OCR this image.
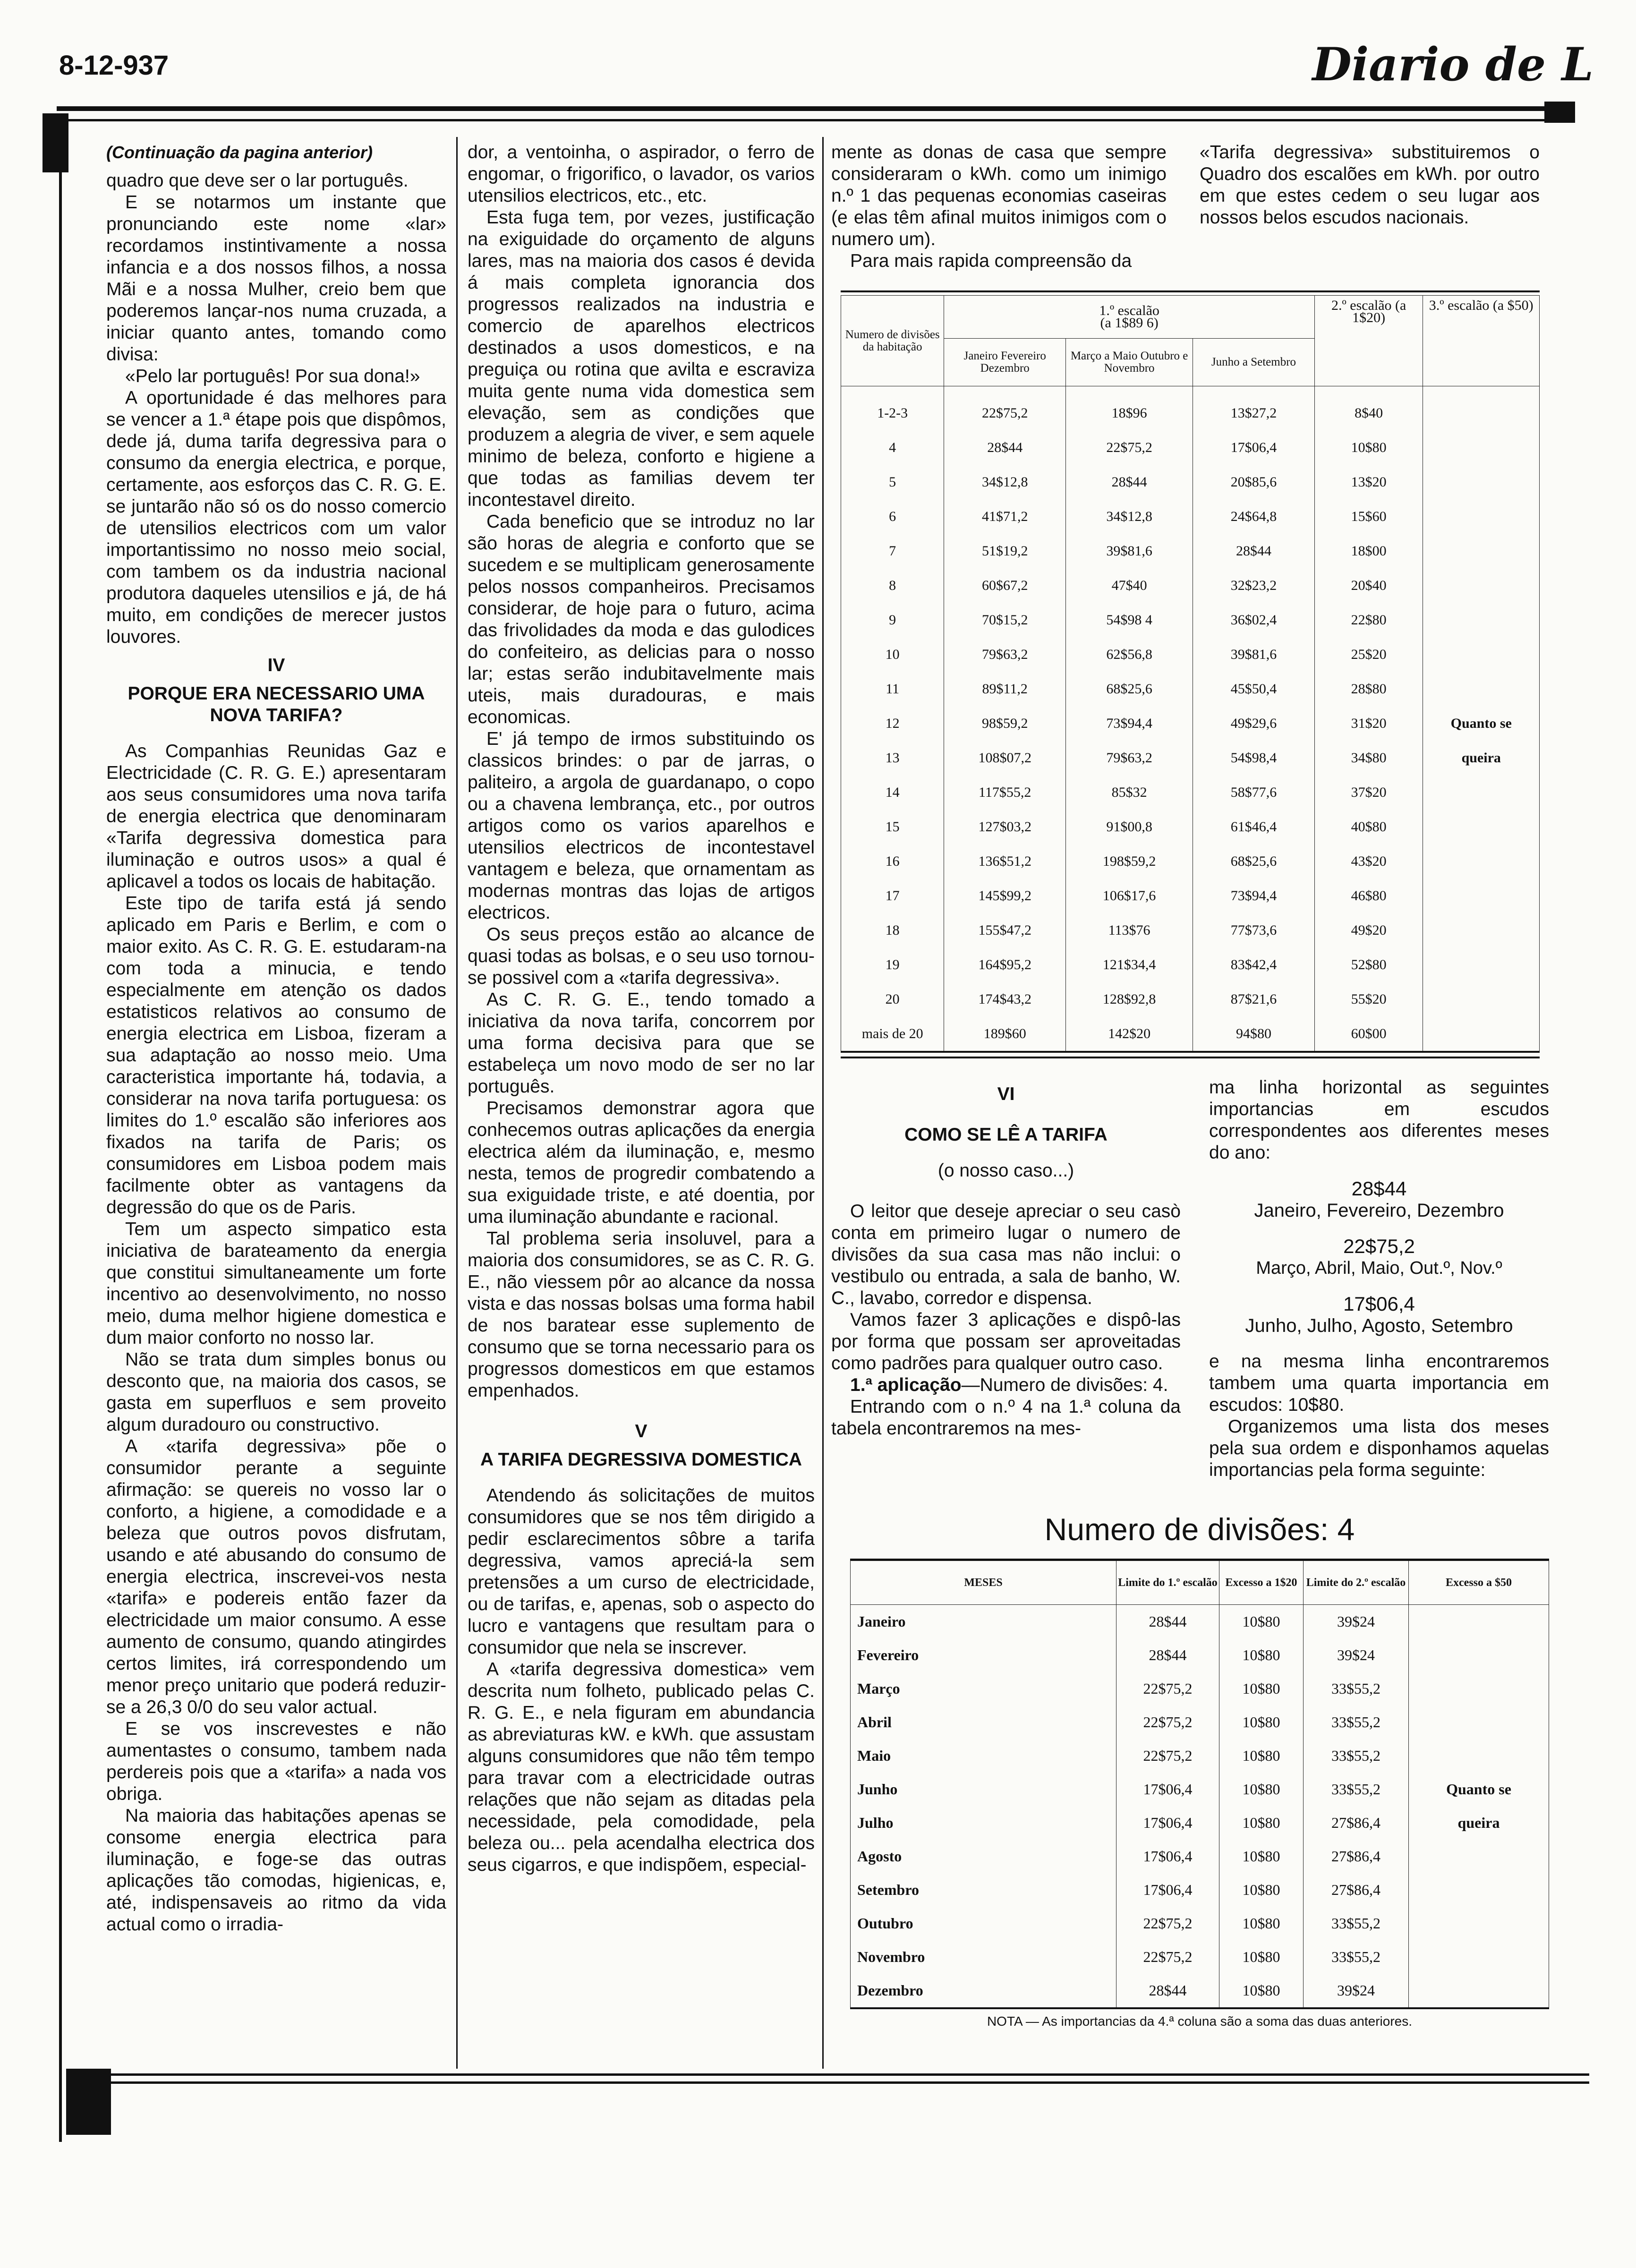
8-12-937	Diario de L

(Continuação da pagina anterior)

quadro que deve ser o lar português.

E se notarmos um instante que pronunciando este nome «lar» recordamos instintivamente a nossa infancia e a dos nossos filhos, a nossa Mãi e a nossa Mulher, creio bem que poderemos lançar-nos numa cruzada, a iniciar quanto antes, tomando como divisa:

«Pelo lar português! Por sua dona!»

A oportunidade é das melhores para se vencer a 1.ª étape pois que dispômos, dede já, duma tarifa degressiva para o consumo da energia electrica, e porque, certamente, aos esforços das C. R. G. E. se juntarão não só os do nosso comercio de utensilios electricos com um valor importantissimo no nosso meio social, com tambem os da industria nacional produtora daqueles utensilios e já, de há muito, em condições de merecer justos louvores.

IV

PORQUE ERA NECESSARIO UMA NOVA TARIFA?

As Companhias Reunidas Gaz e Electricidade (C. R. G. E.) apresentaram aos seus consumidores uma nova tarifa de energia electrica que denominaram «Tarifa degressiva domestica para iluminação e outros usos» a qual é aplicavel a todos os locais de habitação.

Este tipo de tarifa está já sendo aplicado em Paris e Berlim, e com o maior exito. As C. R. G. E. estudaram-na com toda a minucia, e tendo especialmente em atenção os dados estatisticos relativos ao consumo de energia electrica em Lisboa, fizeram a sua adaptação ao nosso meio. Uma caracteristica importante há, todavia, a considerar na nova tarifa portuguesa: os limites do 1.º escalão são inferiores aos fixados na tarifa de Paris; os consumidores em Lisboa podem mais facilmente obter as vantagens da degressão do que os de Paris.

Tem um aspecto simpatico esta iniciativa de barateamento da energia que constitui simultaneamente um forte incentivo ao desenvolvimento, no nosso meio, duma melhor higiene domestica e dum maior conforto no nosso lar.

Não se trata dum simples bonus ou desconto que, na maioria dos casos, se gasta em superfluos e sem proveito algum duradouro ou constructivo.

A «tarifa degressiva» põe o consumidor perante a seguinte afirmação: se quereis no vosso lar o conforto, a higiene, a comodidade e a beleza que outros povos disfrutam, usando e até abusando do consumo de energia electrica, inscrevei-vos nesta «tarifa» e podereis então fazer da electricidade um maior consumo. A esse aumento de consumo, quando atingirdes certos limites, irá correspondendo um menor preço unitario que poderá reduzir-se a 26,3 0/0 do seu valor actual.

E se vos inscrevestes e não aumentastes o consumo, tambem nada perdereis pois que a «tarifa» a nada vos obriga.

Na maioria das habitações apenas se consome energia electrica para iluminação, e foge-se das outras aplicações tão comodas, higienicas, e, até, indispensaveis ao ritmo da vida actual como o irradia-

dor, a ventoinha, o aspirador, o ferro de engomar, o frigorifico, o lavador, os varios utensilios electricos, etc., etc.

Esta fuga tem, por vezes, justificação na exiguidade do orçamento de alguns lares, mas na maioria dos casos é devida á mais completa ignorancia dos progressos realizados na industria e comercio de aparelhos electricos destinados a usos domesticos, e na preguiça ou rotina que avilta e escraviza muita gente numa vida domestica sem elevação, sem as condições que produzem a alegria de viver, e sem aquele minimo de beleza, conforto e higiene a que todas as familias devem ter incontestavel direito.

Cada beneficio que se introduz no lar são horas de alegria e conforto que se sucedem e se multiplicam generosamente pelos nossos companheiros. Precisamos considerar, de hoje para o futuro, acima das frivolidades da moda e das gulodices do confeiteiro, as delicias para o nosso lar; estas serão indubitavelmente mais uteis, mais duradouras, e mais economicas.

E' já tempo de irmos substituindo os classicos brindes: o par de jarras, o paliteiro, a argola de guardanapo, o copo ou a chavena lembrança, etc., por outros artigos como os varios aparelhos e utensilios electricos de incontestavel vantagem e beleza, que ornamentam as modernas montras das lojas de artigos electricos.

Os seus preços estão ao alcance de quasi todas as bolsas, e o seu uso tornou-se possivel com a «tarifa degressiva».

As C. R. G. E., tendo tomado a iniciativa da nova tarifa, concorrem por uma forma decisiva para que se estabeleça um novo modo de ser no lar português.

Precisamos demonstrar agora que conhecemos outras aplicações da energia electrica além da iluminação, e, mesmo nesta, temos de progredir combatendo a sua exiguidade triste, e até doentia, por uma iluminação abundante e racional.

Tal problema seria insoluvel, para a maioria dos consumidores, se as C. R. G. E., não viessem pôr ao alcance da nossa vista e das nossas bolsas uma forma habil de nos baratear esse suplemento de consumo que se torna necessario para os progressos domesticos em que estamos empenhados.

V

A TARIFA DEGRESSIVA DOMESTICA

Atendendo ás solicitações de muitos consumidores que se nos têm dirigido a pedir esclarecimentos sôbre a tarifa degressiva, vamos apreciá-la sem pretensões a um curso de electricidade, ou de tarifas, e, apenas, sob o aspecto do lucro e vantagens que resultam para o consumidor que nela se inscrever.

A «tarifa degressiva domestica» vem descrita num folheto, publicado pelas C. R. G. E., e nela figuram em abundancia as abreviaturas kW. e kWh. que assustam alguns consumidores que não têm tempo para travar com a electricidade outras relações que não sejam as ditadas pela necessidade, pela comodidade, pela beleza ou... pela acendalha electrica dos seus cigarros, e que indispõem, especial-

mente as donas de casa que sempre consideraram o kWh. como um inimigo n.º 1 das pequenas economias caseiras (e elas têm afinal muitos inimigos com o numero um).

Para mais rapida compreensão da

«Tarifa degressiva» substituiremos o Quadro dos escalões em kWh. por outro em que estes cedem o seu lugar aos nossos belos escudos nacionais.

Numero de divisões da habitação	1.º escalão
(a 1$89 6)			2.º escalão (a 1$20)	3.º escalão (a $50)
	Janeiro Fevereiro Dezembro	Março a Maio Outubro e Novembro	Junho a Setembro		
1-2-3	22$75,2	18$96	13$27,2	8$40	
4	28$44	22$75,2	17$06,4	10$80	
5	34$12,8	28$44	20$85,6	13$20	
6	41$71,2	34$12,8	24$64,8	15$60	
7	51$19,2	39$81,6	28$44	18$00	
8	60$67,2	47$40	32$23,2	20$40	
9	70$15,2	54$98 4	36$02,4	22$80	
10	79$63,2	62$56,8	39$81,6	25$20	
11	89$11,2	68$25,6	45$50,4	28$80	
12	98$59,2	73$94,4	49$29,6	31$20	Quanto se
13	108$07,2	79$63,2	54$98,4	34$80	queira
14	117$55,2	85$32	58$77,6	37$20	
15	127$03,2	91$00,8	61$46,4	40$80	
16	136$51,2	198$59,2	68$25,6	43$20	
17	145$99,2	106$17,6	73$94,4	46$80	
18	155$47,2	113$76	77$73,6	49$20	
19	164$95,2	121$34,4	83$42,4	52$80	
20	174$43,2	128$92,8	87$21,6	55$20	
mais de 20	189$60	142$20	94$80	60$00	

VI

COMO SE LÊ A TARIFA

(o nosso caso...)

O leitor que deseje apreciar o seu casò conta em primeiro lugar o numero de divisões da sua casa mas não inclui: o vestibulo ou entrada, a sala de banho, W. C., lavabo, corredor e dispensa.

Vamos fazer 3 aplicações e dispô-las por forma que possam ser aproveitadas como padrões para qualquer outro caso.

1.ª aplicação—Numero de divisões: 4.

Entrando com o n.º 4 na 1.ª coluna da tabela encontraremos na mes-

ma linha horizontal as seguintes importancias em escudos correspondentes aos diferentes meses do ano:

28$44

Janeiro, Fevereiro, Dezembro

22$75,2

Março, Abril, Maio, Out.º, Nov.º

17$06,4

Junho, Julho, Agosto, Setembro

e na mesma linha encontraremos tambem uma quarta importancia em escudos: 10$80.

Organizemos uma lista dos meses pela sua ordem e disponhamos aquelas importancias pela forma seguinte:

Numero de divisões: 4
MESES	Limite do 1.º escalão	Excesso a 1$20	Limite do 2.º escalão	Excesso a $50
Janeiro	28$44	10$80	39$24	
Fevereiro	28$44	10$80	39$24	
Março	22$75,2	10$80	33$55,2	
Abril	22$75,2	10$80	33$55,2	
Maio	22$75,2	10$80	33$55,2	
Junho	17$06,4	10$80	33$55,2	Quanto se
Julho	17$06,4	10$80	27$86,4	queira
Agosto	17$06,4	10$80	27$86,4	
Setembro	17$06,4	10$80	27$86,4	
Outubro	22$75,2	10$80	33$55,2	
Novembro	22$75,2	10$80	33$55,2	
Dezembro	28$44	10$80	39$24	
NOTA — As importancias da 4.ª coluna são a soma das duas anteriores.
